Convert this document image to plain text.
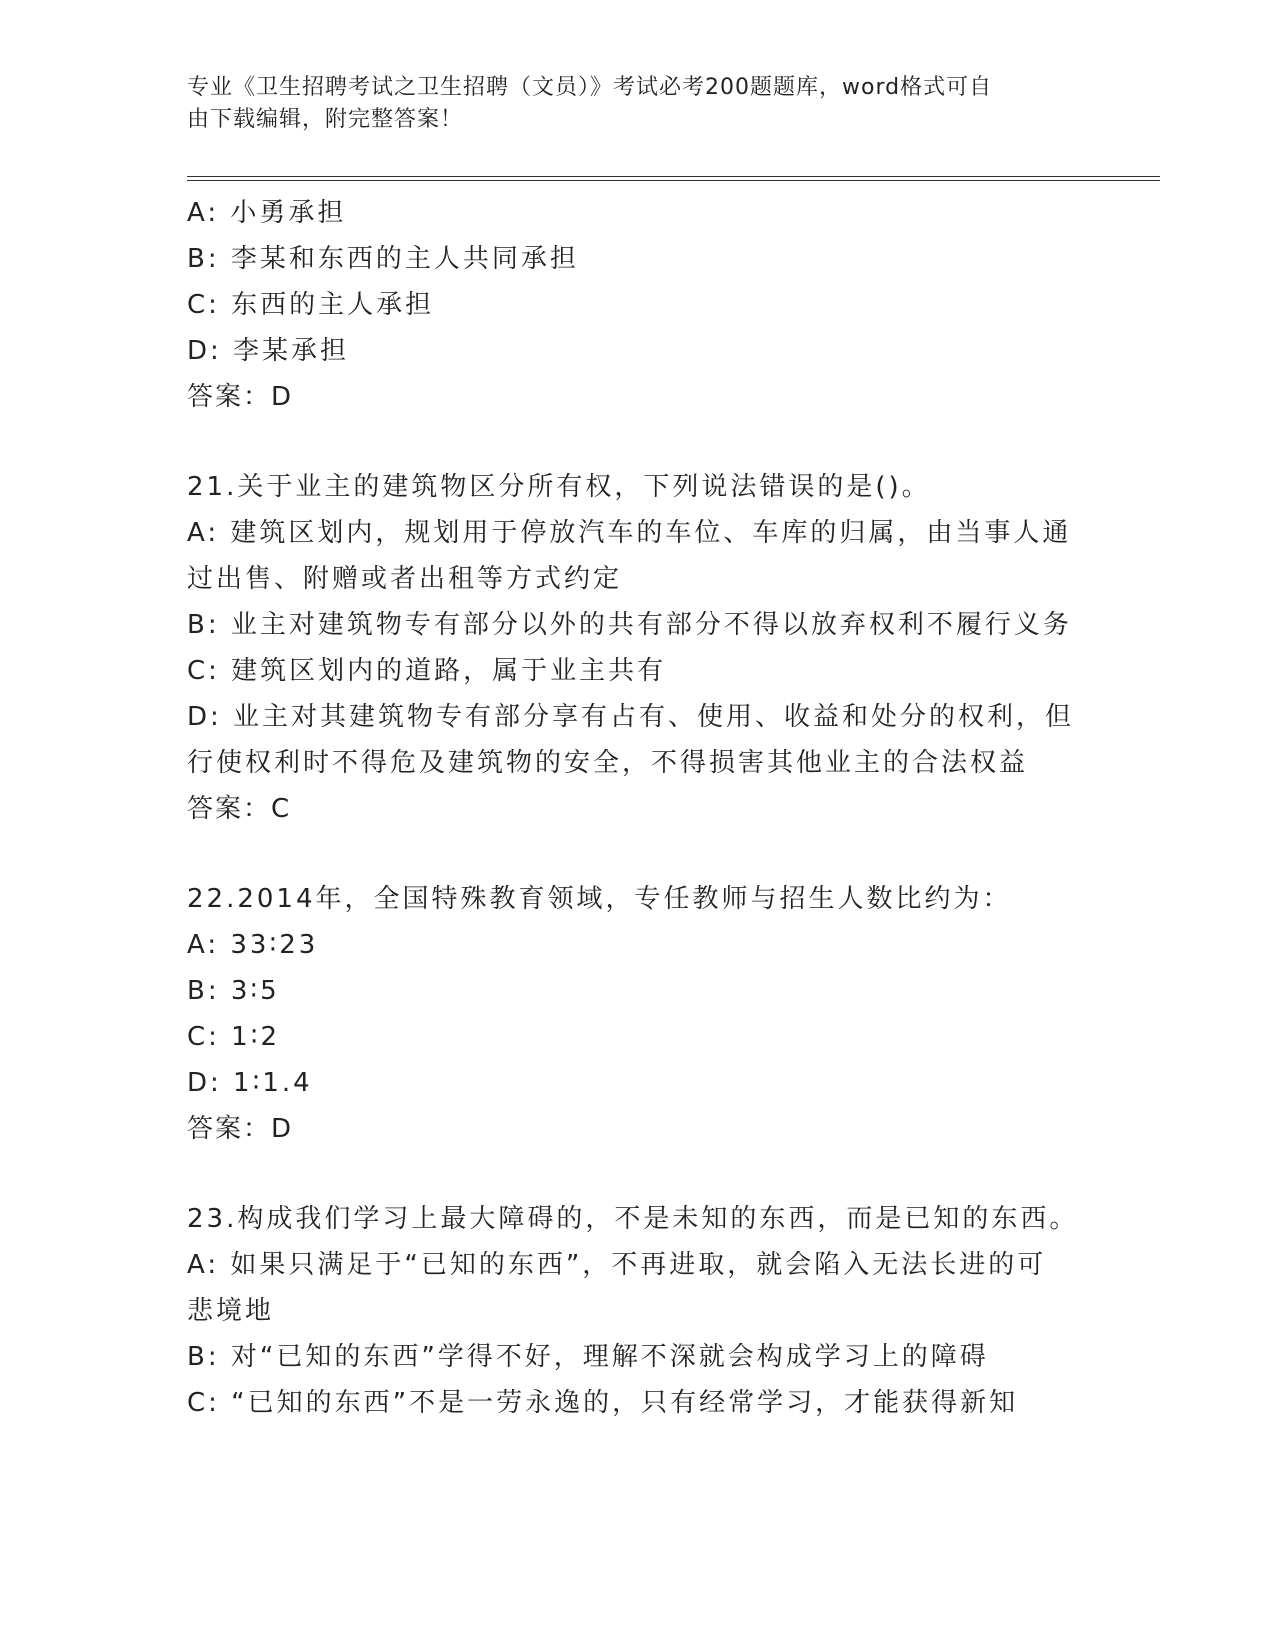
专业《卫生招聘考试之卫生招聘（文员）》考试必考200题题库，word格式可自
由下载编辑，附完整答案！
A: 小勇承担
B: 李某和东西的主人共同承担
C: 东西的主人承担
D: 李某承担
答案：D
21.关于业主的建筑物区分所有权，下列说法错误的是()。
A: 建筑区划内，规划用于停放汽车的车位、车库的归属，由当事人通
过出售、附赠或者出租等方式约定
B: 业主对建筑物专有部分以外的共有部分不得以放弃权利不履行义务
C: 建筑区划内的道路，属于业主共有
D: 业主对其建筑物专有部分享有占有、使用、收益和处分的权利，但
行使权利时不得危及建筑物的安全，不得损害其他业主的合法权益
答案：C
22.2014年，全国特殊教育领域，专任教师与招生人数比约为：
A: 33∶23
B: 3∶5
C: 1∶2
D: 1∶1.4
答案：D
23.构成我们学习上最大障碍的，不是未知的东西，而是已知的东西。
A: 如果只满足于“已知的东西”，不再进取，就会陷入无法长进的可
悲境地
B: 对“已知的东西”学得不好，理解不深就会构成学习上的障碍
C: “已知的东西”不是一劳永逸的，只有经常学习，才能获得新知
